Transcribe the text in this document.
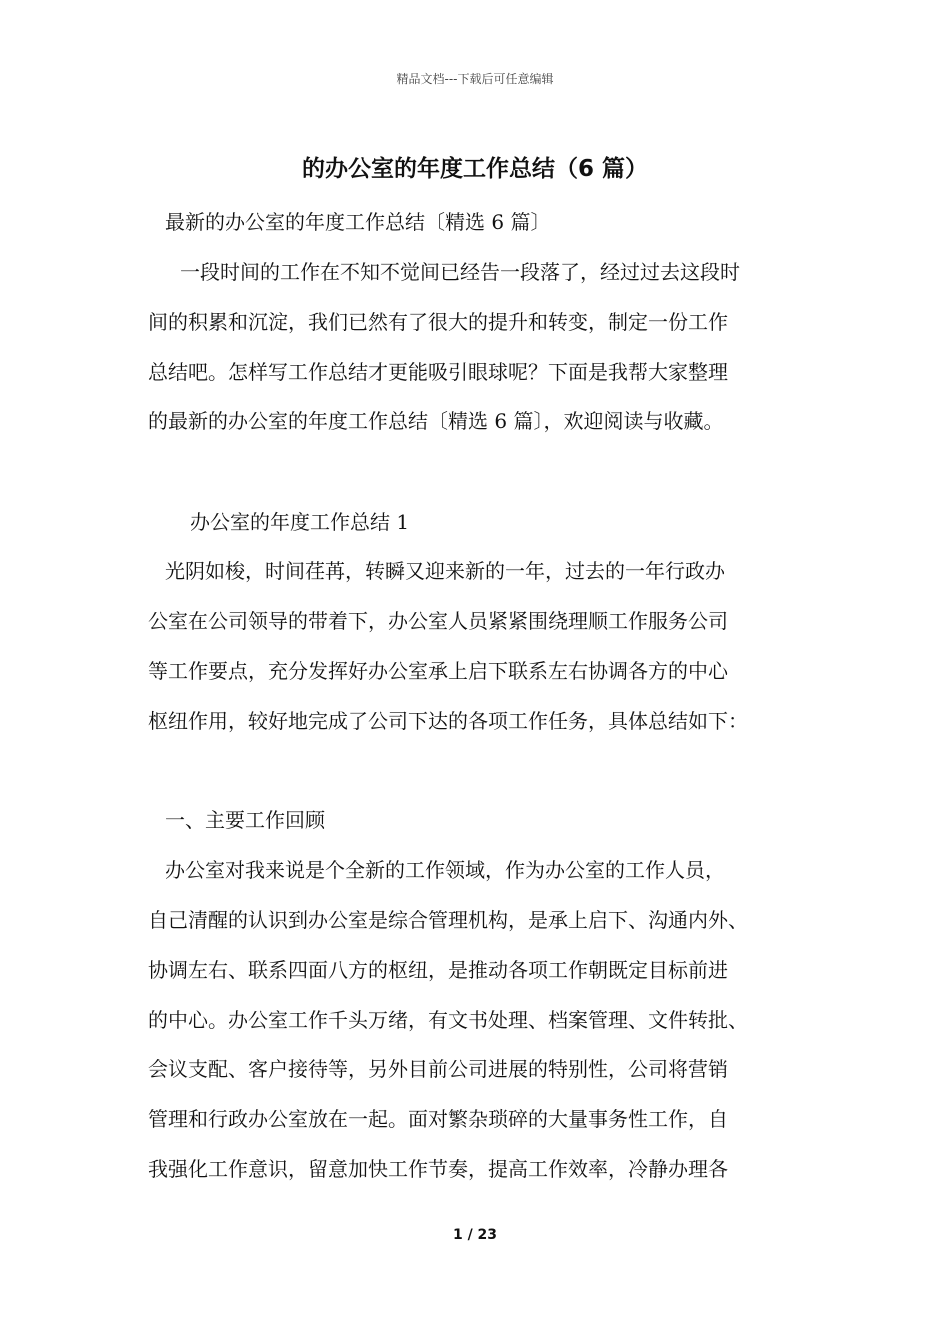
精品文档---下载后可任意编辑
的办公室的年度工作总结（6 篇）
最新的办公室的年度工作总结〔精选 6 篇〕
一段时间的工作在不知不觉间已经告一段落了，经过过去这段时
间的积累和沉淀，我们已然有了很大的提升和转变，制定一份工作
总结吧。怎样写工作总结才更能吸引眼球呢？下面是我帮大家整理
的最新的办公室的年度工作总结〔精选 6 篇〕，欢迎阅读与收藏。
办公室的年度工作总结 1
光阴如梭，时间荏苒，转瞬又迎来新的一年，过去的一年行政办
公室在公司领导的带着下，办公室人员紧紧围绕理顺工作服务公司
等工作要点，充分发挥好办公室承上启下联系左右协调各方的中心
枢纽作用，较好地完成了公司下达的各项工作任务，具体总结如下：
一、主要工作回顾
办公室对我来说是个全新的工作领域，作为办公室的工作人员，
自己清醒的认识到办公室是综合管理机构，是承上启下、沟通内外、
协调左右、联系四面八方的枢纽，是推动各项工作朝既定目标前进
的中心。办公室工作千头万绪，有文书处理、档案管理、文件转批、
会议支配、客户接待等，另外目前公司进展的特别性，公司将营销
管理和行政办公室放在一起。面对繁杂琐碎的大量事务性工作，自
我强化工作意识，留意加快工作节奏，提高工作效率，冷静办理各
1 / 23
